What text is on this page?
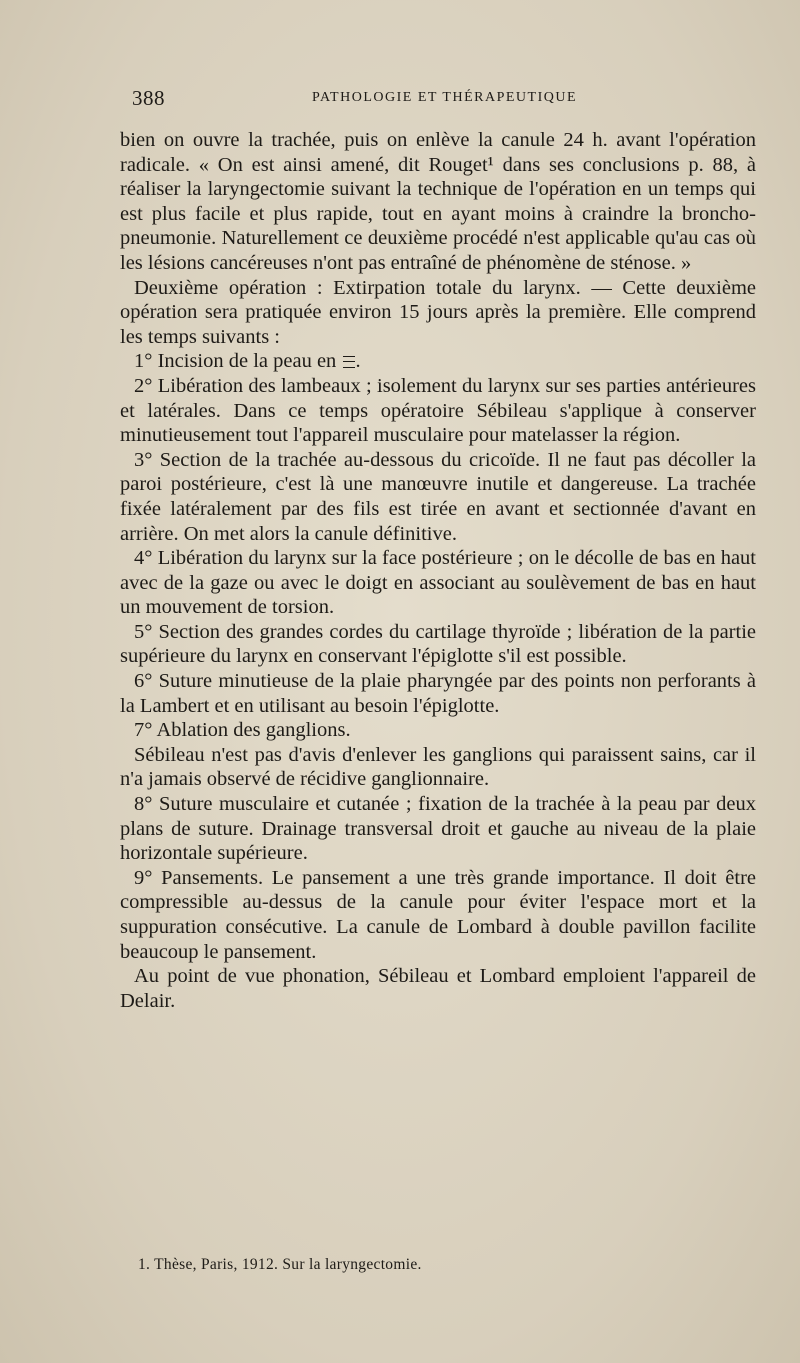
388	PATHOLOGIE ET THÉRAPEUTIQUE

bien on ouvre la trachée, puis on enlève la canule 24 h. avant l'opération radicale. « On est ainsi amené, dit Rouget¹ dans ses conclusions p. 88, à réaliser la laryngectomie suivant la technique de l'opération en un temps qui est plus facile et plus rapide, tout en ayant moins à craindre la broncho-pneumonie. Naturellement ce deuxième procédé n'est applicable qu'au cas où les lésions cancéreuses n'ont pas entraîné de phénomène de sténose. »

Deuxième opération : Extirpation totale du larynx. — Cette deuxième opération sera pratiquée environ 15 jours après la première. Elle comprend les temps suivants :

1° Incision de la peau en .

2° Libération des lambeaux ; isolement du larynx sur ses parties antérieures et latérales. Dans ce temps opératoire Sébileau s'applique à conserver minutieusement tout l'appareil musculaire pour matelasser la région.

3° Section de la trachée au-dessous du cricoïde. Il ne faut pas décoller la paroi postérieure, c'est là une manœuvre inutile et dangereuse. La trachée fixée latéralement par des fils est tirée en avant et sectionnée d'avant en arrière. On met alors la canule définitive.

4° Libération du larynx sur la face postérieure ; on le décolle de bas en haut avec de la gaze ou avec le doigt en associant au soulèvement de bas en haut un mouvement de torsion.

5° Section des grandes cordes du cartilage thyroïde ; libération de la partie supérieure du larynx en conservant l'épiglotte s'il est possible.

6° Suture minutieuse de la plaie pharyngée par des points non perforants à la Lambert et en utilisant au besoin l'épiglotte.

7° Ablation des ganglions.

Sébileau n'est pas d'avis d'enlever les ganglions qui paraissent sains, car il n'a jamais observé de récidive ganglionnaire.

8° Suture musculaire et cutanée ; fixation de la trachée à la peau par deux plans de suture. Drainage transversal droit et gauche au niveau de la plaie horizontale supérieure.

9° Pansements. Le pansement a une très grande importance. Il doit être compressible au-dessus de la canule pour éviter l'espace mort et la suppuration consécutive. La canule de Lombard à double pavillon facilite beaucoup le pansement.

Au point de vue phonation, Sébileau et Lombard emploient l'appareil de Delair.

1. Thèse, Paris, 1912. Sur la laryngectomie.
